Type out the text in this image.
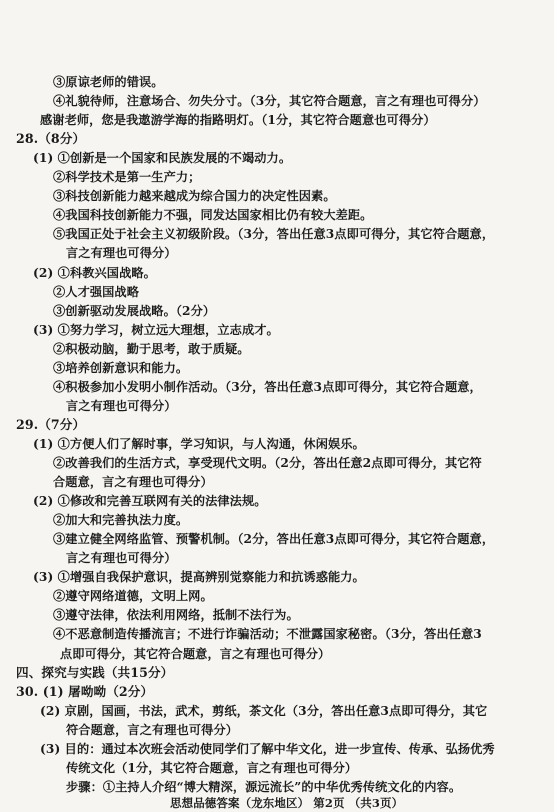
③原谅老师的错误。
④礼貌待师，注意场合、勿失分寸。（3分，其它符合题意，言之有理也可得分）
感谢老师，您是我遨游学海的指路明灯。（1分，其它符合题意也可得分）
28.（8分）
(1) ①创新是一个国家和民族发展的不竭动力。
②科学技术是第一生产力；
③科技创新能力越来越成为综合国力的决定性因素。
④我国科技创新能力不强，同发达国家相比仍有较大差距。
⑤我国正处于社会主义初级阶段。（3分，答出任意3点即可得分，其它符合题意，
言之有理也可得分）
(2) ①科教兴国战略。
②人才强国战略
③创新驱动发展战略。（2分）
(3) ①努力学习，树立远大理想，立志成才。
②积极动脑，勤于思考，敢于质疑。
③培养创新意识和能力。
④积极参加小发明小制作活动。（3分，答出任意3点即可得分，其它符合题意，
言之有理也可得分）
29.（7分）
(1) ①方便人们了解时事，学习知识，与人沟通，休闲娱乐。
②改善我们的生活方式，享受现代文明。（2分，答出任意2点即可得分，其它符
合题意，言之有理也可得分）
(2) ①修改和完善互联网有关的法律法规。
②加大和完善执法力度。
③建立健全网络监管、预警机制。（2分，答出任意3点即可得分，其它符合题意，
言之有理也可得分）
(3) ①增强自我保护意识，提高辨别觉察能力和抗诱惑能力。
②遵守网络道德，文明上网。
③遵守法律，依法利用网络，抵制不法行为。
④不恶意制造传播流言；不进行诈骗活动；不泄露国家秘密。（3分，答出任意3
点即可得分，其它符合题意，言之有理也可得分）
四、探究与实践（共15分）
30. (1) 屠呦呦（2分）
(2) 京剧，国画，书法，武术，剪纸，茶文化（3分，答出任意3点即可得分，其它
符合题意，言之有理也可得分）
思想品德答案（龙东地区） 第2页 （共3页）
(3) 目的：通过本次班会活动使同学们了解中华文化，进一步宣传、传承、弘扬优秀
传统文化（1分，其它符合题意，言之有理也可得分）
步骤：①主持人介绍“博大精深，源远流长”的中华优秀传统文化的内容。
